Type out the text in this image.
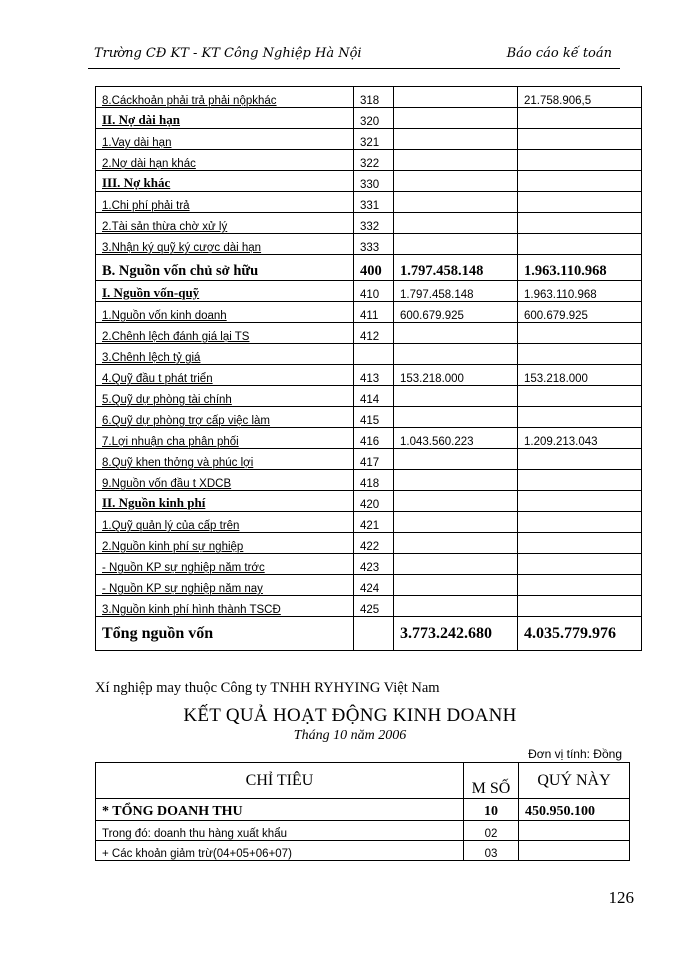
Trường CĐ KT - KT Công Nghiệp Hà Nội	Báo cáo kế toán
8.Cáckhoản phải trả phải nộpkhác	318		21.758.906,5
II. Nợ dài hạn	320		
1.Vay dài hạn	321		
2.Nợ dài hạn khác	322		
III. Nợ khác	330		
1.Chi phí phải trả	331		
2.Tài sản thừa chờ xử lý	332		
3.Nhận ký quỹ ký cược dài hạn	333		
B. Nguồn vốn chủ sở hữu	400	1.797.458.148	1.963.110.968
I. Nguồn vốn-quỹ	410	1.797.458.148	1.963.110.968
1.Nguồn vốn kinh doanh	411	600.679.925	600.679.925
2.Chênh lệch đánh giá lại TS	412		
3.Chênh lệch tỷ giá			
4.Quỹ đầu t phát triển	413	153.218.000	153.218.000
5.Quỹ dự phòng tài chính	414		
6.Quỹ dự phòng trợ cấp việc làm	415		
7.Lợi nhuận cha phân phối	416	1.043.560.223	1.209.213.043
8.Quỹ khen thởng và phúc lợi	417		
9.Nguồn vốn đầu t XDCB	418		
II. Nguồn kinh phí	420		
1.Quỹ quản lý của cấp trên	421		
2.Nguồn kinh phí sự nghiệp	422		
- Nguồn KP sự nghiệp năm trớc	423		
- Nguồn KP sự nghiệp năm nay	424		
3.Nguồn kinh phí hình thành TSCĐ	425		
Tổng nguồn vốn		3.773.242.680	4.035.779.976
Xí nghiệp may thuộc Công ty TNHH RYHYING Việt Nam
KẾT QUẢ HOẠT ĐỘNG KINH DOANH
Tháng 10 năm 2006
Đơn vị tính: Đồng
CHỈ TIÊU	M SỐ	QUÝ NÀY
* TỔNG DOANH THU	10	450.950.100
Trong đó: doanh thu hàng xuất khẩu	02	
+ Các khoản giảm trừ(04+05+06+07)	03	
126
